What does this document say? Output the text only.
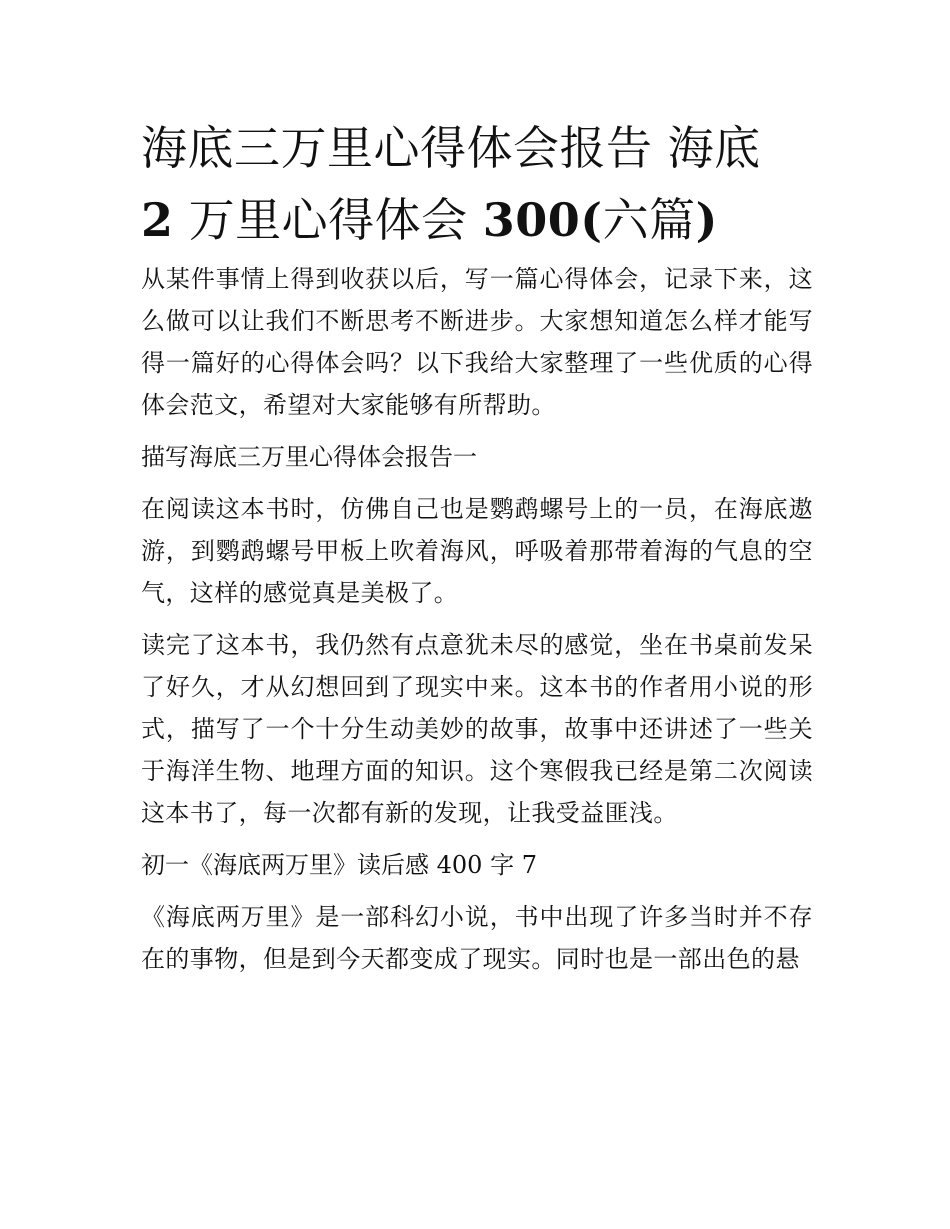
海底三万里心得体会报告 海底
2 万里心得体会 300(六篇)

从某件事情上得到收获以后，写一篇心得体会，记录下来，这么做可以让我们不断思考不断进步。大家想知道怎么样才能写得一篇好的心得体会吗？以下我给大家整理了一些优质的心得体会范文，希望对大家能够有所帮助。

描写海底三万里心得体会报告一

在阅读这本书时，仿佛自己也是鹦鹉螺号上的一员，在海底遨游，到鹦鹉螺号甲板上吹着海风，呼吸着那带着海的气息的空气，这样的感觉真是美极了。

读完了这本书，我仍然有点意犹未尽的感觉，坐在书桌前发呆了好久，才从幻想回到了现实中来。这本书的作者用小说的形式，描写了一个十分生动美妙的故事，故事中还讲述了一些关于海洋生物、地理方面的知识。这个寒假我已经是第二次阅读这本书了，每一次都有新的发现，让我受益匪浅。

初一《海底两万里》读后感 400 字 7

《海底两万里》是一部科幻小说，书中出现了许多当时并不存在的事物，但是到今天都变成了现实。同时也是一部出色的悬
